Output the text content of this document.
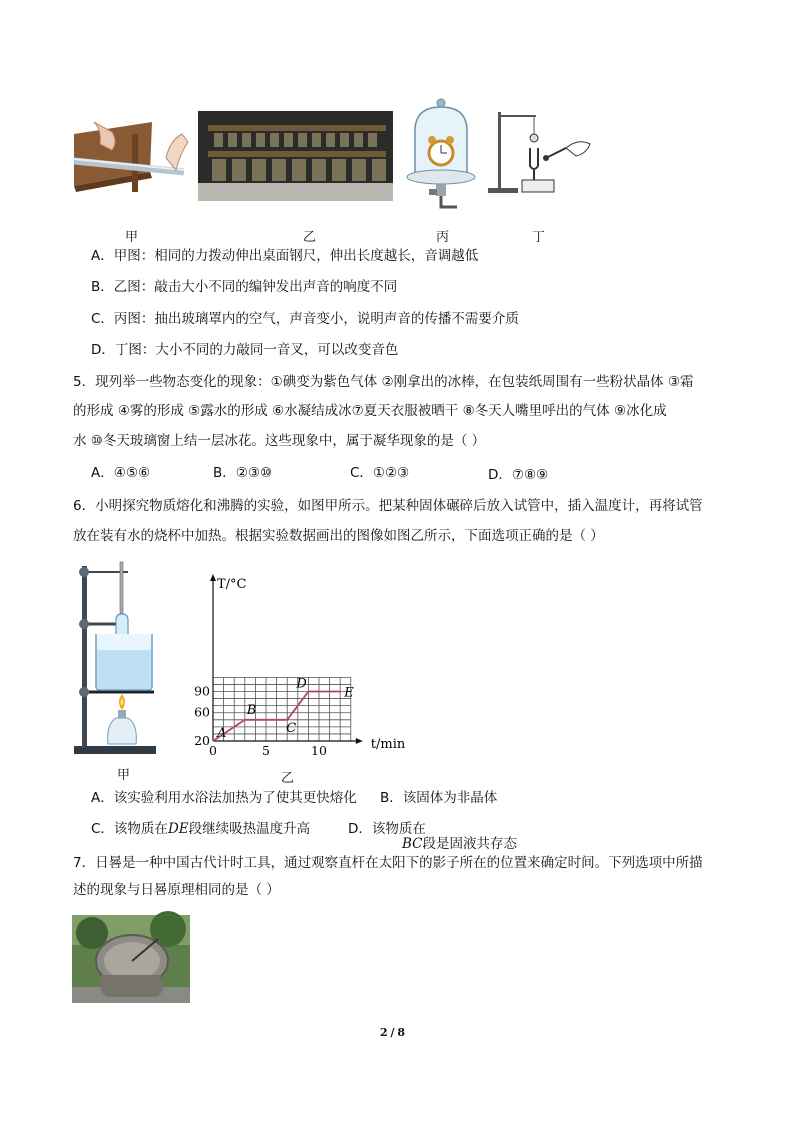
甲	乙	丙	丁
A．甲图：相同的力拨动伸出桌面钢尺，伸出长度越长，音调越低
B．乙图：敲击大小不同的编钟发出声音的响度不同
C．丙图：抽出玻璃罩内的空气，声音变小，说明声音的传播不需要介质
D．丁图：大小不同的力敲同一音叉，可以改变音色
5．现列举一些物态变化的现象：①碘变为紫色气体 ②刚拿出的冰棒，在包装纸周围有一些粉状晶体 ③霜
的形成 ④雾的形成 ⑤露水的形成 ⑥水凝结成冰⑦夏天衣服被晒干 ⑧冬天人嘴里呼出的气体 ⑨冰化成
水 ⑩冬天玻璃窗上结一层冰花。这些现象中，属于凝华现象的是（ ）
A．④⑤⑥	B．②③⑩	C．①②③	D．⑦⑧⑨
6．小明探究物质熔化和沸腾的实验，如图甲所示。把某种固体碾碎后放入试管中，插入温度计，再将试管
放在装有水的烧杯中加热。根据实验数据画出的图像如图乙所示，下面选项正确的是（ ）
甲
20
60
90
0	5	10
T/°C
t/min
A
B
C
D
E
乙
A．该实验利用水浴法加热为了使其更快熔化 B．该固体为非晶体
C．该物质在DE段继续吸热温度升高	D．该物质在
BC段是固液共存态
7．日晷是一种中国古代计时工具，通过观察直杆在太阳下的影子所在的位置来确定时间。下列选项中所描
述的现象与日晷原理相同的是（ ）
2 / 8
